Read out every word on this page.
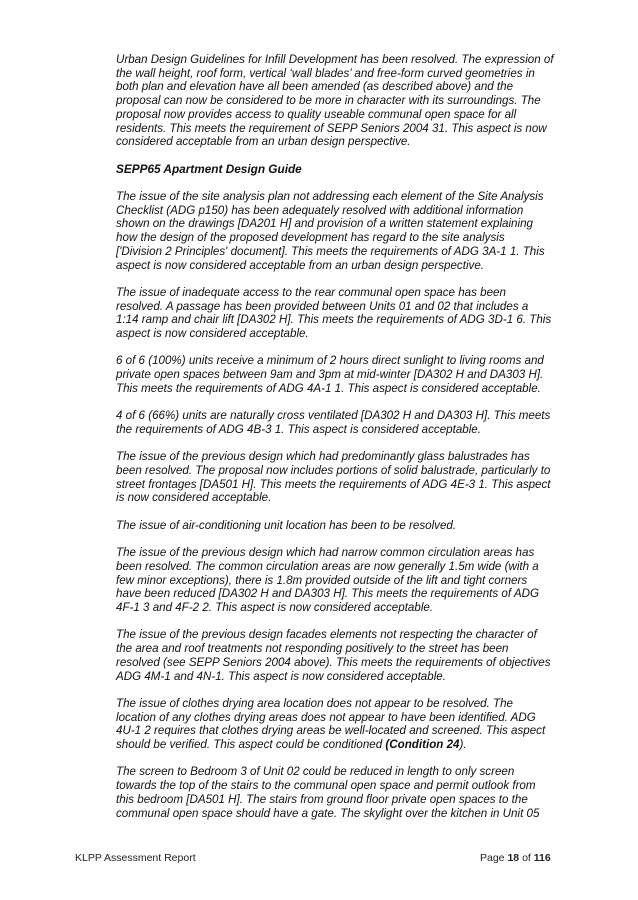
Urban Design Guidelines for Infill Development has been resolved. The expression of
the wall height, roof form, vertical ‘wall blades’ and free-form curved geometries in
both plan and elevation have all been amended (as described above) and the
proposal can now be considered to be more in character with its surroundings. The
proposal now provides access to quality useable communal open space for all
residents. This meets the requirement of SEPP Seniors 2004 31. This aspect is now
considered acceptable from an urban design perspective.
SEPP65 Apartment Design Guide
The issue of the site analysis plan not addressing each element of the Site Analysis
Checklist (ADG p150) has been adequately resolved with additional information
shown on the drawings [DA201 H] and provision of a written statement explaining
how the design of the proposed development has regard to the site analysis
['Division 2 Principles' document]. This meets the requirements of ADG 3A-1 1. This
aspect is now considered acceptable from an urban design perspective.
The issue of inadequate access to the rear communal open space has been
resolved. A passage has been provided between Units 01 and 02 that includes a
1:14 ramp and chair lift [DA302 H]. This meets the requirements of ADG 3D-1 6. This
aspect is now considered acceptable.
6 of 6 (100%) units receive a minimum of 2 hours direct sunlight to living rooms and
private open spaces between 9am and 3pm at mid-winter [DA302 H and DA303 H].
This meets the requirements of ADG 4A-1 1. This aspect is considered acceptable.
4 of 6 (66%) units are naturally cross ventilated [DA302 H and DA303 H]. This meets
the requirements of ADG 4B-3 1. This aspect is considered acceptable.
The issue of the previous design which had predominantly glass balustrades has
been resolved. The proposal now includes portions of solid balustrade, particularly to
street frontages [DA501 H]. This meets the requirements of ADG 4E-3 1. This aspect
is now considered acceptable.
The issue of air-conditioning unit location has been to be resolved.
The issue of the previous design which had narrow common circulation areas has
been resolved. The common circulation areas are now generally 1.5m wide (with a
few minor exceptions), there is 1.8m provided outside of the lift and tight corners
have been reduced [DA302 H and DA303 H]. This meets the requirements of ADG
4F-1 3 and 4F-2 2. This aspect is now considered acceptable.
The issue of the previous design facades elements not respecting the character of
the area and roof treatments not responding positively to the street has been
resolved (see SEPP Seniors 2004 above). This meets the requirements of objectives
ADG 4M-1 and 4N-1. This aspect is now considered acceptable.
The issue of clothes drying area location does not appear to be resolved. The
location of any clothes drying areas does not appear to have been identified. ADG
4U-1 2 requires that clothes drying areas be well-located and screened. This aspect
should be verified. This aspect could be conditioned (Condition 24).
The screen to Bedroom 3 of Unit 02 could be reduced in length to only screen
towards the top of the stairs to the communal open space and permit outlook from
this bedroom [DA501 H]. The stairs from ground floor private open spaces to the
communal open space should have a gate. The skylight over the kitchen in Unit 05
KLPP Assessment Report	Page 18 of 116
